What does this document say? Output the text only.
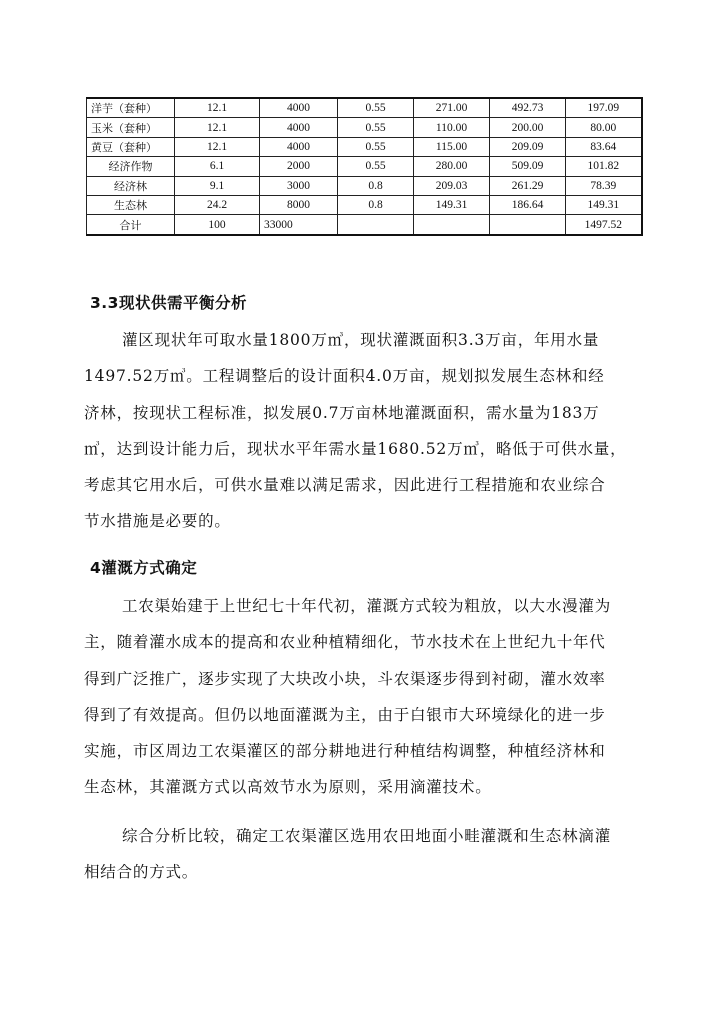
洋芋（套种）	12.1	4000	0.55	271.00	492.73	197.09
玉米（套种）	12.1	4000	0.55	110.00	200.00	80.00
黄豆（套种）	12.1	4000	0.55	115.00	209.09	83.64
经济作物	6.1	2000	0.55	280.00	509.09	101.82
经济林	9.1	3000	0.8	209.03	261.29	78.39
生态林	24.2	8000	0.8	149.31	186.64	149.31
合计	100	33000				1497.52
3.3现状供需平衡分析
灌区现状年可取水量1800万㎥，现状灌溉面积3.3万亩，年用水量
1497.52万㎥。工程调整后的设计面积4.0万亩，规划拟发展生态林和经
济林，按现状工程标准，拟发展0.7万亩林地灌溉面积，需水量为183万
㎥，达到设计能力后，现状水平年需水量1680.52万㎥，略低于可供水量，
考虑其它用水后，可供水量难以满足需求，因此进行工程措施和农业综合
节水措施是必要的。
4灌溉方式确定
工农渠始建于上世纪七十年代初，灌溉方式较为粗放，以大水漫灌为
主，随着灌水成本的提高和农业种植精细化，节水技术在上世纪九十年代
得到广泛推广，逐步实现了大块改小块，斗农渠逐步得到衬砌，灌水效率
得到了有效提高。但仍以地面灌溉为主，由于白银市大环境绿化的进一步
实施，市区周边工农渠灌区的部分耕地进行种植结构调整，种植经济林和
生态林，其灌溉方式以高效节水为原则，采用滴灌技术。
综合分析比较，确定工农渠灌区选用农田地面小畦灌溉和生态林滴灌
相结合的方式。
